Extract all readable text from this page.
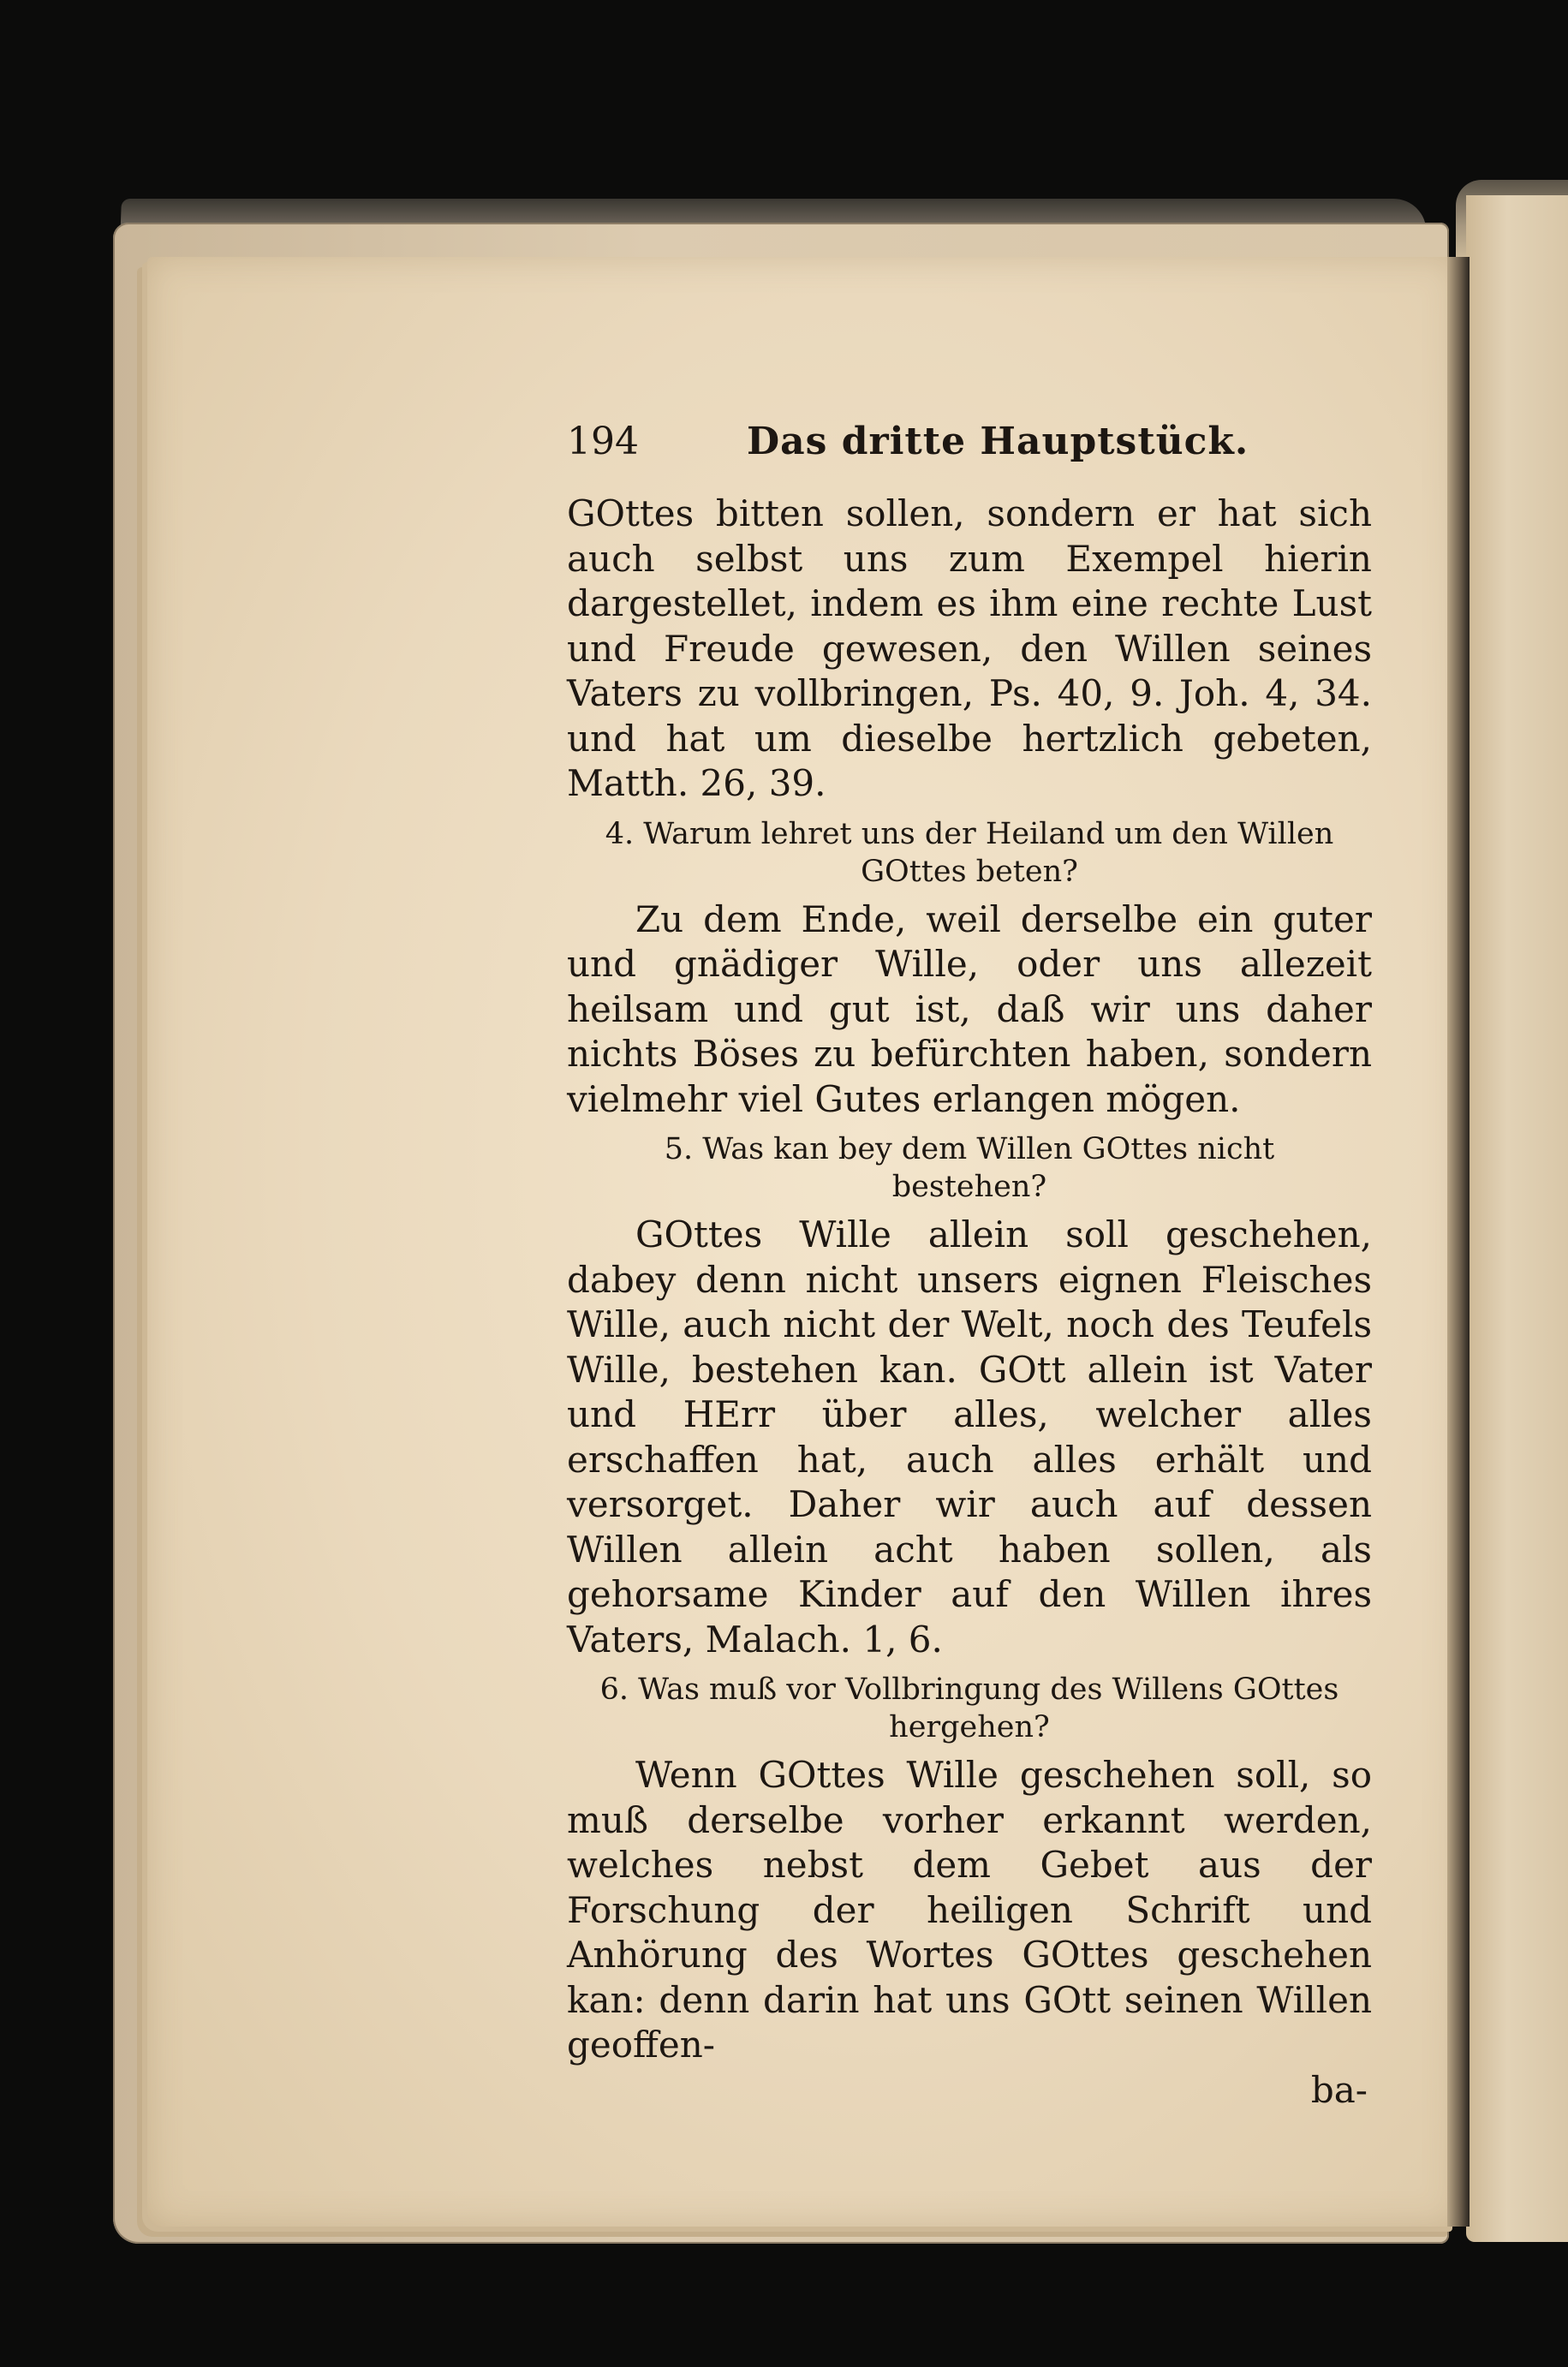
194	Das dritte Hauptstück.

GOttes bitten sollen, sondern er hat sich auch selbst uns zum Exempel hierin dargestellet, indem es ihm eine rechte Lust und Freude gewesen, den Willen seines Vaters zu vollbringen, Ps. 40, 9. Joh. 4, 34. und hat um dieselbe hertzlich gebeten, Matth. 26, 39.

4. Warum lehret uns der Heiland um den Willen GOttes beten?

Zu dem Ende, weil derselbe ein guter und gnädiger Wille, oder uns allezeit heilsam und gut ist, daß wir uns daher nichts Böses zu befürchten haben, sondern vielmehr viel Gutes erlangen mögen.

5. Was kan bey dem Willen GOttes nicht bestehen?

GOttes Wille allein soll geschehen, dabey denn nicht unsers eignen Fleisches Wille, auch nicht der Welt, noch des Teufels Wille, bestehen kan. GOtt allein ist Vater und HErr über alles, welcher alles erschaffen hat, auch alles erhält und versorget. Daher wir auch auf dessen Willen allein acht haben sollen, als gehorsame Kinder auf den Willen ihres Vaters, Malach. 1, 6.

6. Was muß vor Vollbringung des Willens GOttes hergehen?

Wenn GOttes Wille geschehen soll, so muß derselbe vorher erkannt werden, welches nebst dem Gebet aus der Forschung der heiligen Schrift und Anhörung des Wortes GOttes geschehen kan: denn darin hat uns GOtt seinen Willen geoffen-

ba-
